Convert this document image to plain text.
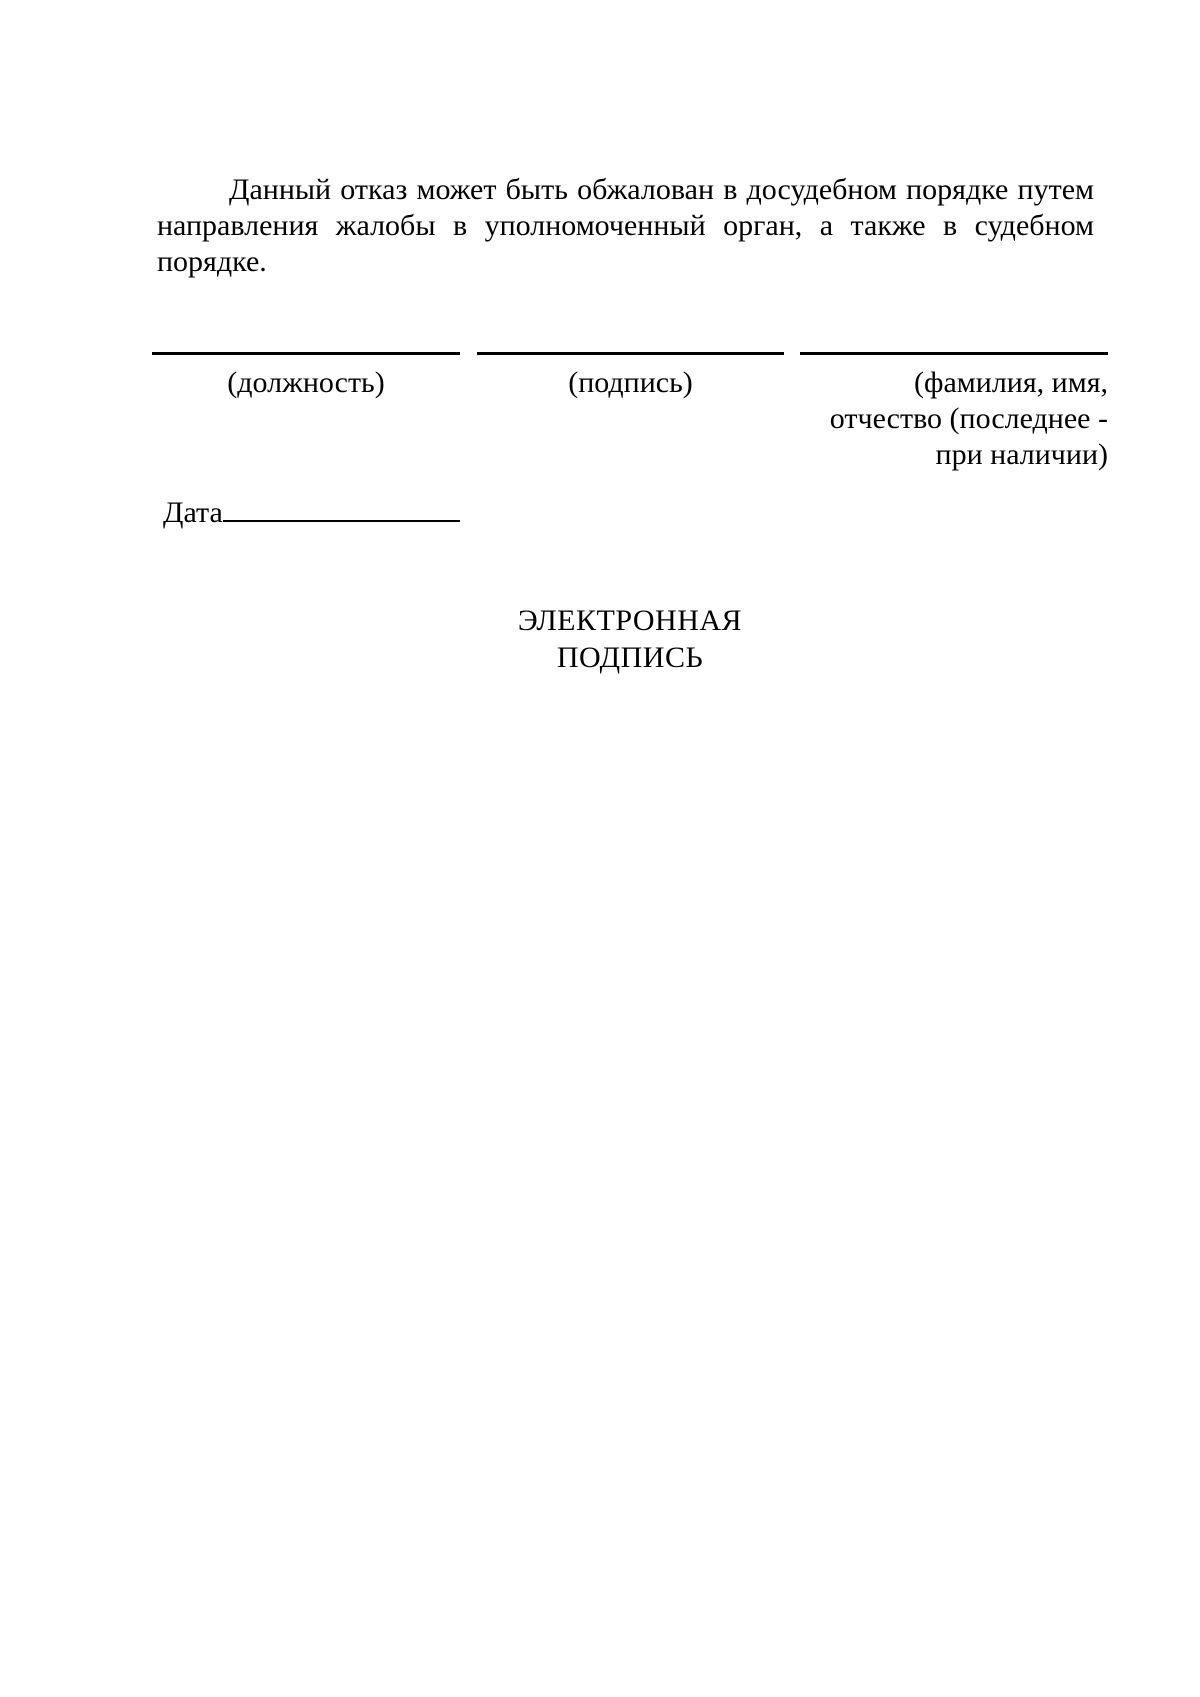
Данный отказ может быть обжалован в досудебном порядке путем направления жалобы в уполномоченный орган, а также в судебном порядке.

(должность)	(подпись)	(фамилия, имя, отчество (последнее - при наличии)
Дата
ЭЛЕКТРОННАЯ
ПОДПИСЬ
